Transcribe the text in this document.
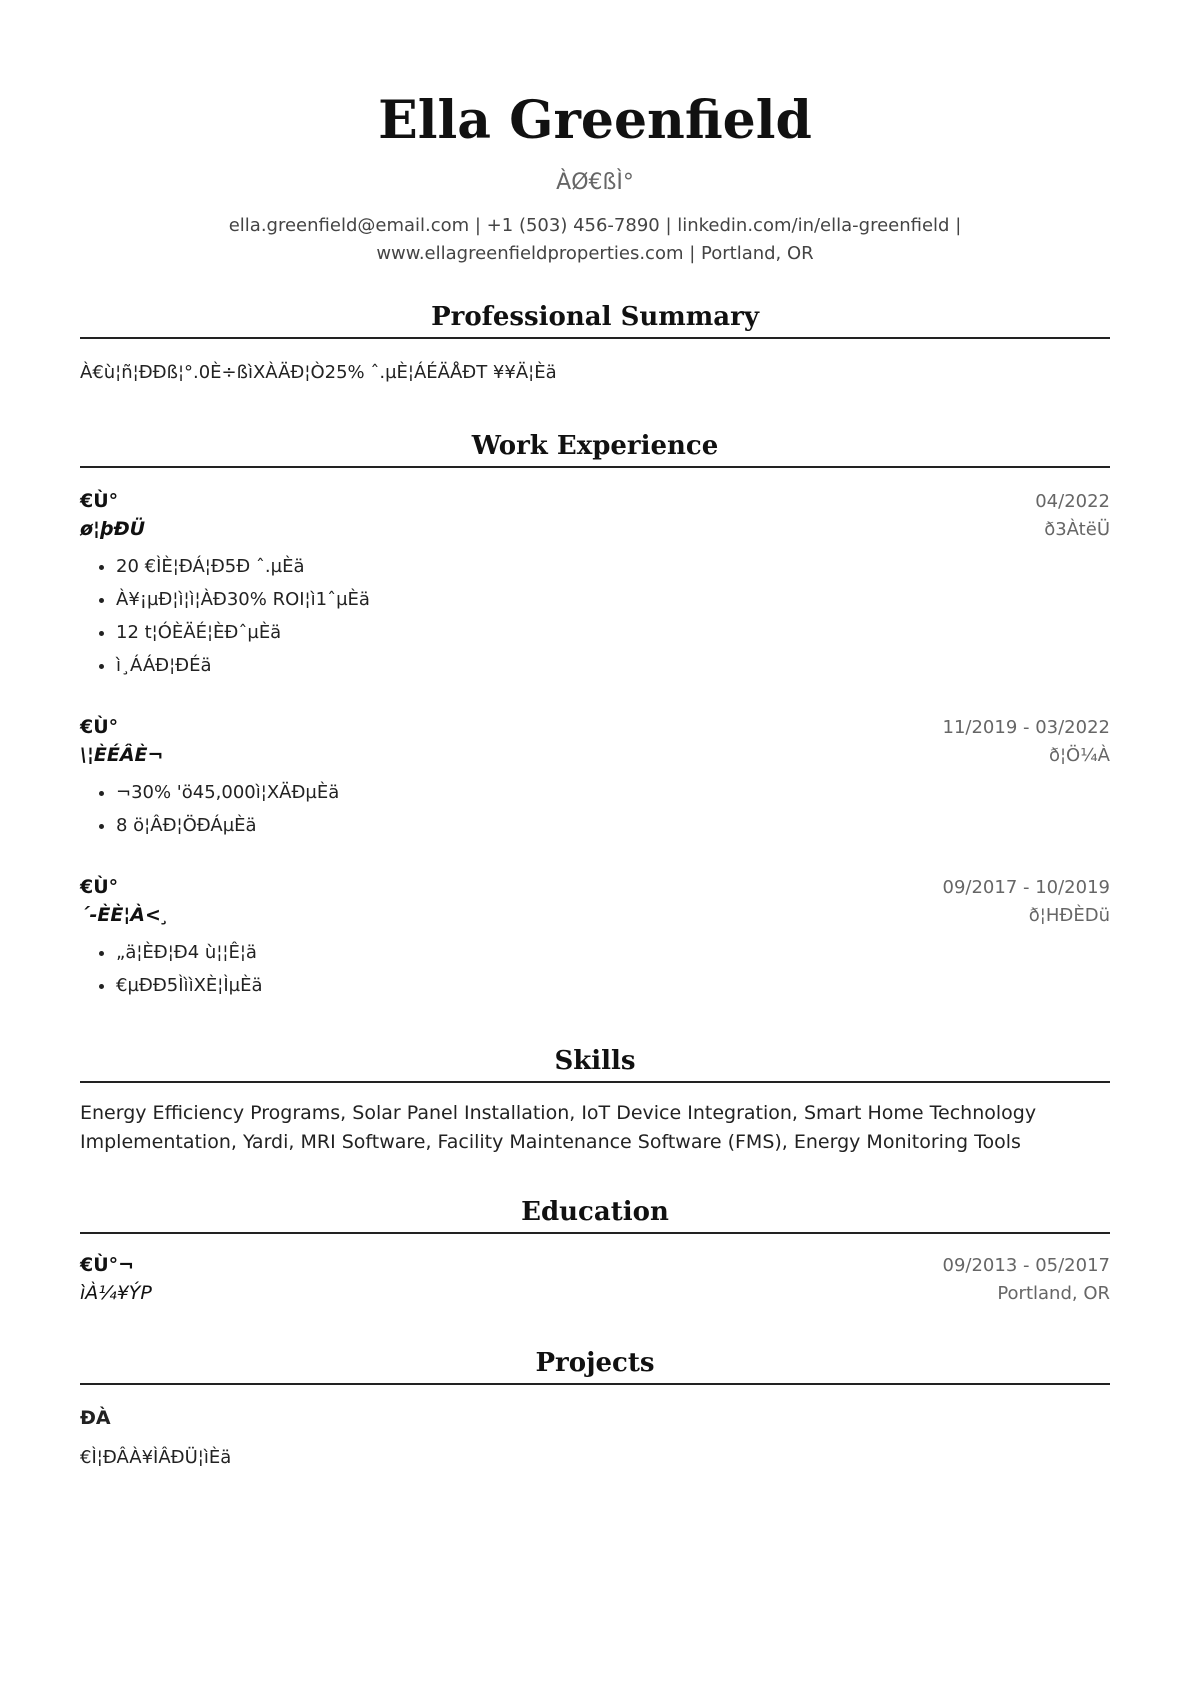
Ella Greenfield
ÀØ€ßÌ°
ella.greenfield@email.com | +1 (503) 456-7890 | linkedin.com/in/ella-greenfield |
www.ellagreenfieldproperties.com | Portland, OR
Professional Summary
À€ù¦ñ¦ÐÐß¦°.0È÷ßìXÀÄÐ¦Ò25% ˆ.µÈ¦ÁÉÄÅÐT ¥¥Ä¦Èä
Work Experience
€Ù°	04/2022
ø¦þÐÜ	ð3ÀtëÜ
• 20 €ÌÈ¦ÐÁ¦Ð5Ð ˆ.µÈä
• À¥¡µÐ¦ì¦ì¦ÀÐ30% ROI¦ì1ˆµÈä
• 12 t¦ÓÈÄÉ¦ÈÐˆµÈä
• ì¸ÁÁÐ¦ÐÉä
€Ù°	11/2019 - 03/2022
\¦ÈÉÂÈ¬	ð¦Ö¼À
• ¬30% 'ö45,000ì¦XÄÐµÈä
• 8 ö¦ÂÐ¦ÖÐÁµÈä
€Ù°	09/2017 - 10/2019
´-ÈÈ¦À<¸	ð¦HÐÈDü
• „ä¦ÈÐ¦Ð4 ù¦¦Ê¦ä
• €µÐÐ5ÌììXÈ¦ÌµÈä
Skills
Energy Efficiency Programs, Solar Panel Installation, IoT Device Integration, Smart Home Technology Implementation, Yardi, MRI Software, Facility Maintenance Software (FMS), Energy Monitoring Tools
Education
€Ù°¬	09/2013 - 05/2017
ìÀ¼¥ÝP	Portland, OR
Projects
ÐÀ
€Ì¦ÐÂÀ¥ÌÂÐÜ¦ìÈä
